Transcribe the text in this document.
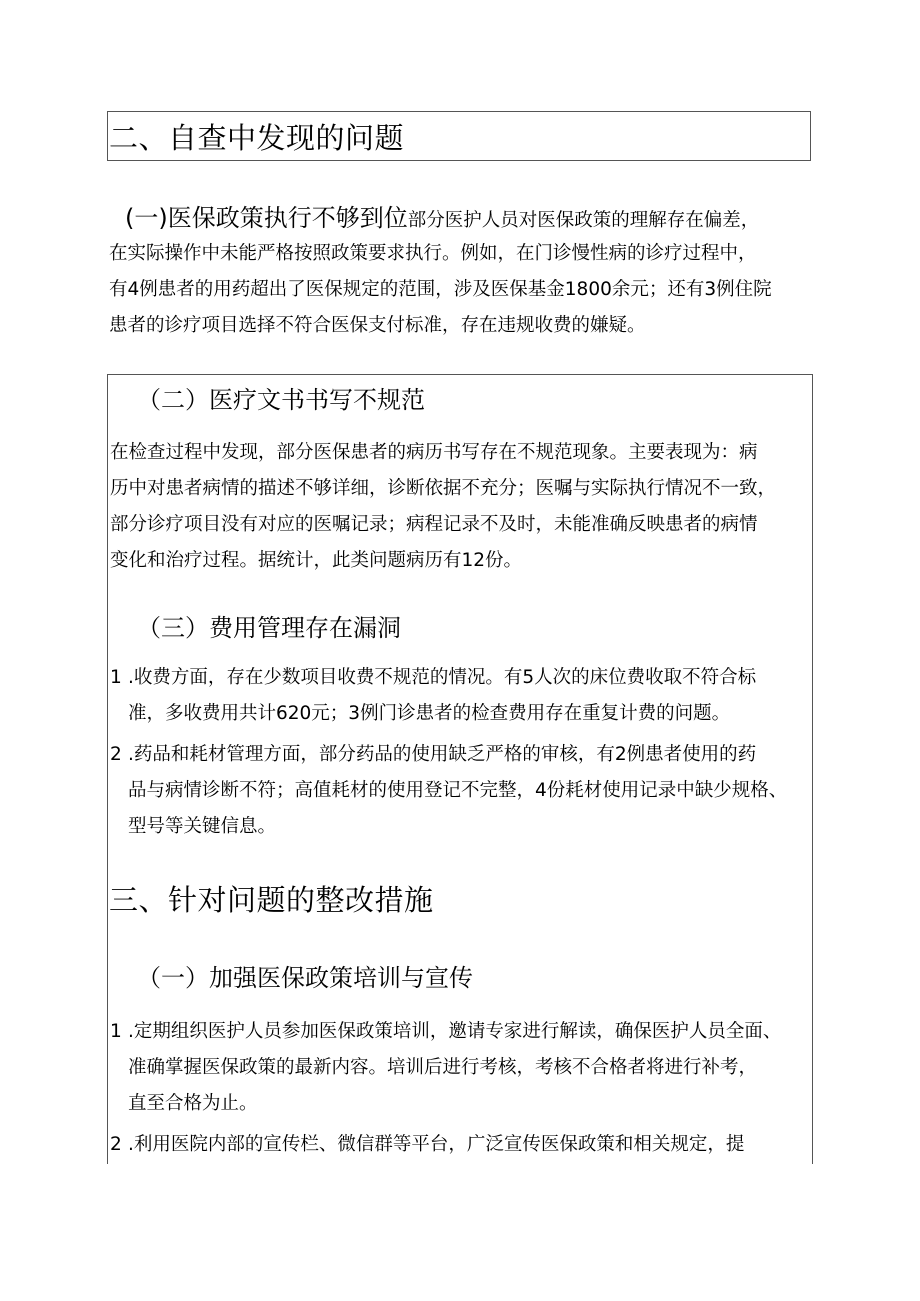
二、自查中发现的问题
(一)医保政策执行不够到位部分医护人员对医保政策的理解存在偏差，
在实际操作中未能严格按照政策要求执行。例如，在门诊慢性病的诊疗过程中，
有4例患者的用药超出了医保规定的范围，涉及医保基金1800余元；还有3例住院
患者的诊疗项目选择不符合医保支付标准，存在违规收费的嫌疑。
（二）医疗文书书写不规范
在检查过程中发现，部分医保患者的病历书写存在不规范现象。主要表现为：病
历中对患者病情的描述不够详细，诊断依据不充分；医嘱与实际执行情况不一致，
部分诊疗项目没有对应的医嘱记录；病程记录不及时，未能准确反映患者的病情
变化和治疗过程。据统计，此类问题病历有12份。
（三）费用管理存在漏洞
1 .收费方面，存在少数项目收费不规范的情况。有5人次的床位费收取不符合标
准，多收费用共计620元；3例门诊患者的检查费用存在重复计费的问题。
2 .药品和耗材管理方面，部分药品的使用缺乏严格的审核，有2例患者使用的药
品与病情诊断不符；高值耗材的使用登记不完整，4份耗材使用记录中缺少规格、
型号等关键信息。
三、针对问题的整改措施
（一）加强医保政策培训与宣传
1 .定期组织医护人员参加医保政策培训，邀请专家进行解读，确保医护人员全面、
准确掌握医保政策的最新内容。培训后进行考核，考核不合格者将进行补考，
直至合格为止。
2 .利用医院内部的宣传栏、微信群等平台，广泛宣传医保政策和相关规定，提
